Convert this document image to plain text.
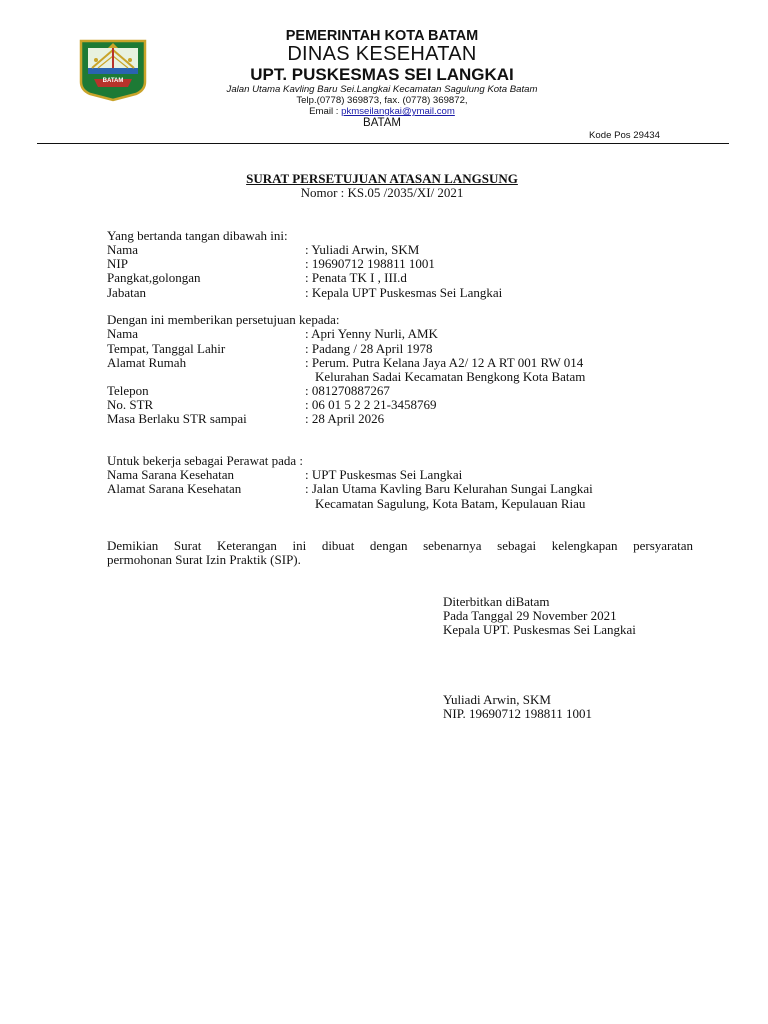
BATAM
PEMERINTAH KOTA BATAM
DINAS KESEHATAN
UPT. PUSKESMAS SEI LANGKAI
Jalan Utama Kavling Baru Sei.Langkai Kecamatan Sagulung Kota Batam
Telp.(0778) 369873, fax. (0778) 369872,
Email : pkmseilangkai@ymail.com
BATAM
Kode Pos 29434
SURAT PERSETUJUAN ATASAN LANGSUNG
Nomor : KS.05 /2035/XI/ 2021
Yang bertanda tangan dibawah ini:
Nama	: Yuliadi Arwin, SKM
NIP	: 19690712 198811 1001
Pangkat,golongan	: Penata TK I , III.d
Jabatan	: Kepala UPT Puskesmas Sei Langkai
Dengan ini memberikan persetujuan kepada:
Nama	: Apri Yenny Nurli, AMK
Tempat, Tanggal Lahir	: Padang / 28 April 1978
Alamat Rumah	: Perum. Putra Kelana Jaya A2/ 12 A RT 001 RW 014
Kelurahan Sadai Kecamatan Bengkong Kota Batam
Telepon	: 081270887267
No. STR	: 06 01 5 2 2 21-3458769
Masa Berlaku STR sampai	: 28 April 2026
Untuk bekerja sebagai Perawat pada :
Nama Sarana Kesehatan	: UPT Puskesmas Sei Langkai
Alamat Sarana Kesehatan	: Jalan Utama Kavling Baru Kelurahan Sungai Langkai
Kecamatan Sagulung, Kota Batam, Kepulauan Riau
Demikian Surat Keterangan ini dibuat dengan sebenarnya sebagai kelengkapan persyaratan
permohonan Surat Izin Praktik (SIP).
Diterbitkan diBatam
Pada Tanggal 29 November 2021
Kepala UPT. Puskesmas Sei Langkai
Yuliadi Arwin, SKM
NIP. 19690712 198811 1001
